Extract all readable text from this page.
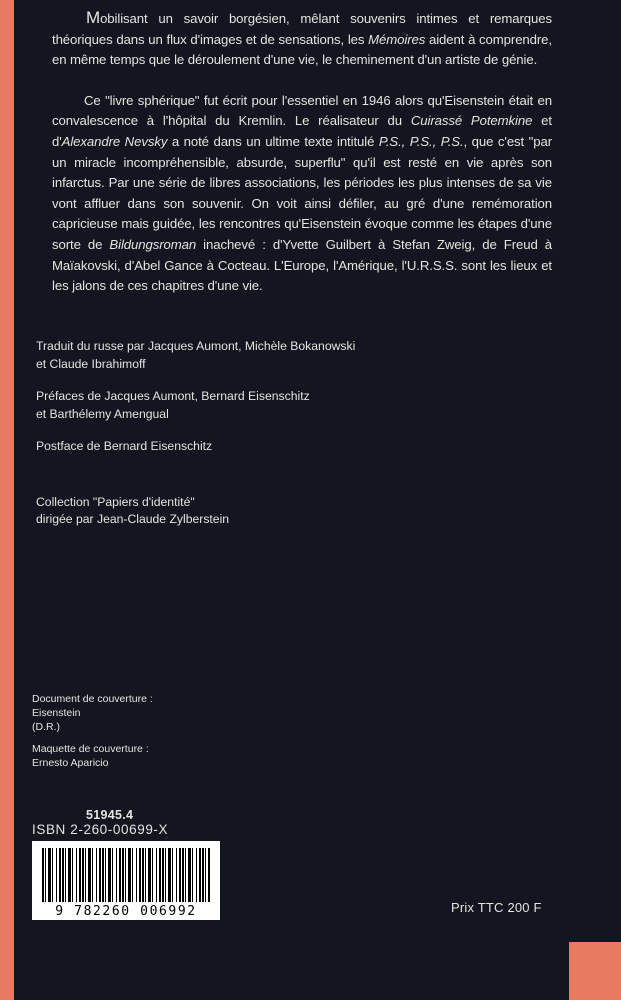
Mobilisant un savoir borgésien, mêlant souvenirs intimes et remarques théoriques dans un flux d'images et de sensations, les Mémoires aident à comprendre, en même temps que le déroulement d'une vie, le cheminement d'un artiste de génie.

Ce "livre sphérique" fut écrit pour l'essentiel en 1946 alors qu'Eisenstein était en convalescence à l'hôpital du Kremlin. Le réalisateur du Cuirassé Potemkine et d'Alexandre Nevsky a noté dans un ultime texte intitulé P.S., P.S., P.S., que c'est "par un miracle incompréhensible, absurde, superflu" qu'il est resté en vie après son infarctus. Par une série de libres associations, les périodes les plus intenses de sa vie vont affluer dans son souvenir. On voit ainsi défiler, au gré d'une remémoration capricieuse mais guidée, les rencontres qu'Eisenstein évoque comme les étapes d'une sorte de Bildungsroman inachevé : d'Yvette Guilbert à Stefan Zweig, de Freud à Maïakovski, d'Abel Gance à Cocteau. L'Europe, l'Amérique, l'U.R.S.S. sont les lieux et les jalons de ces chapitres d'une vie.

Traduit du russe par Jacques Aumont, Michèle Bokanowski
et Claude Ibrahimoff

Préfaces de Jacques Aumont, Bernard Eisenschitz
et Barthélemy Amengual

Postface de Bernard Eisenschitz

Collection "Papiers d'identité"
dirigée par Jean-Claude Zylberstein

Document de couverture :
Eisenstein
(D.R.)

Maquette de couverture :
Ernesto Aparicio

51945.4
ISBN 2-260-00699-X
9 782260 006992	Prix TTC 200 F
